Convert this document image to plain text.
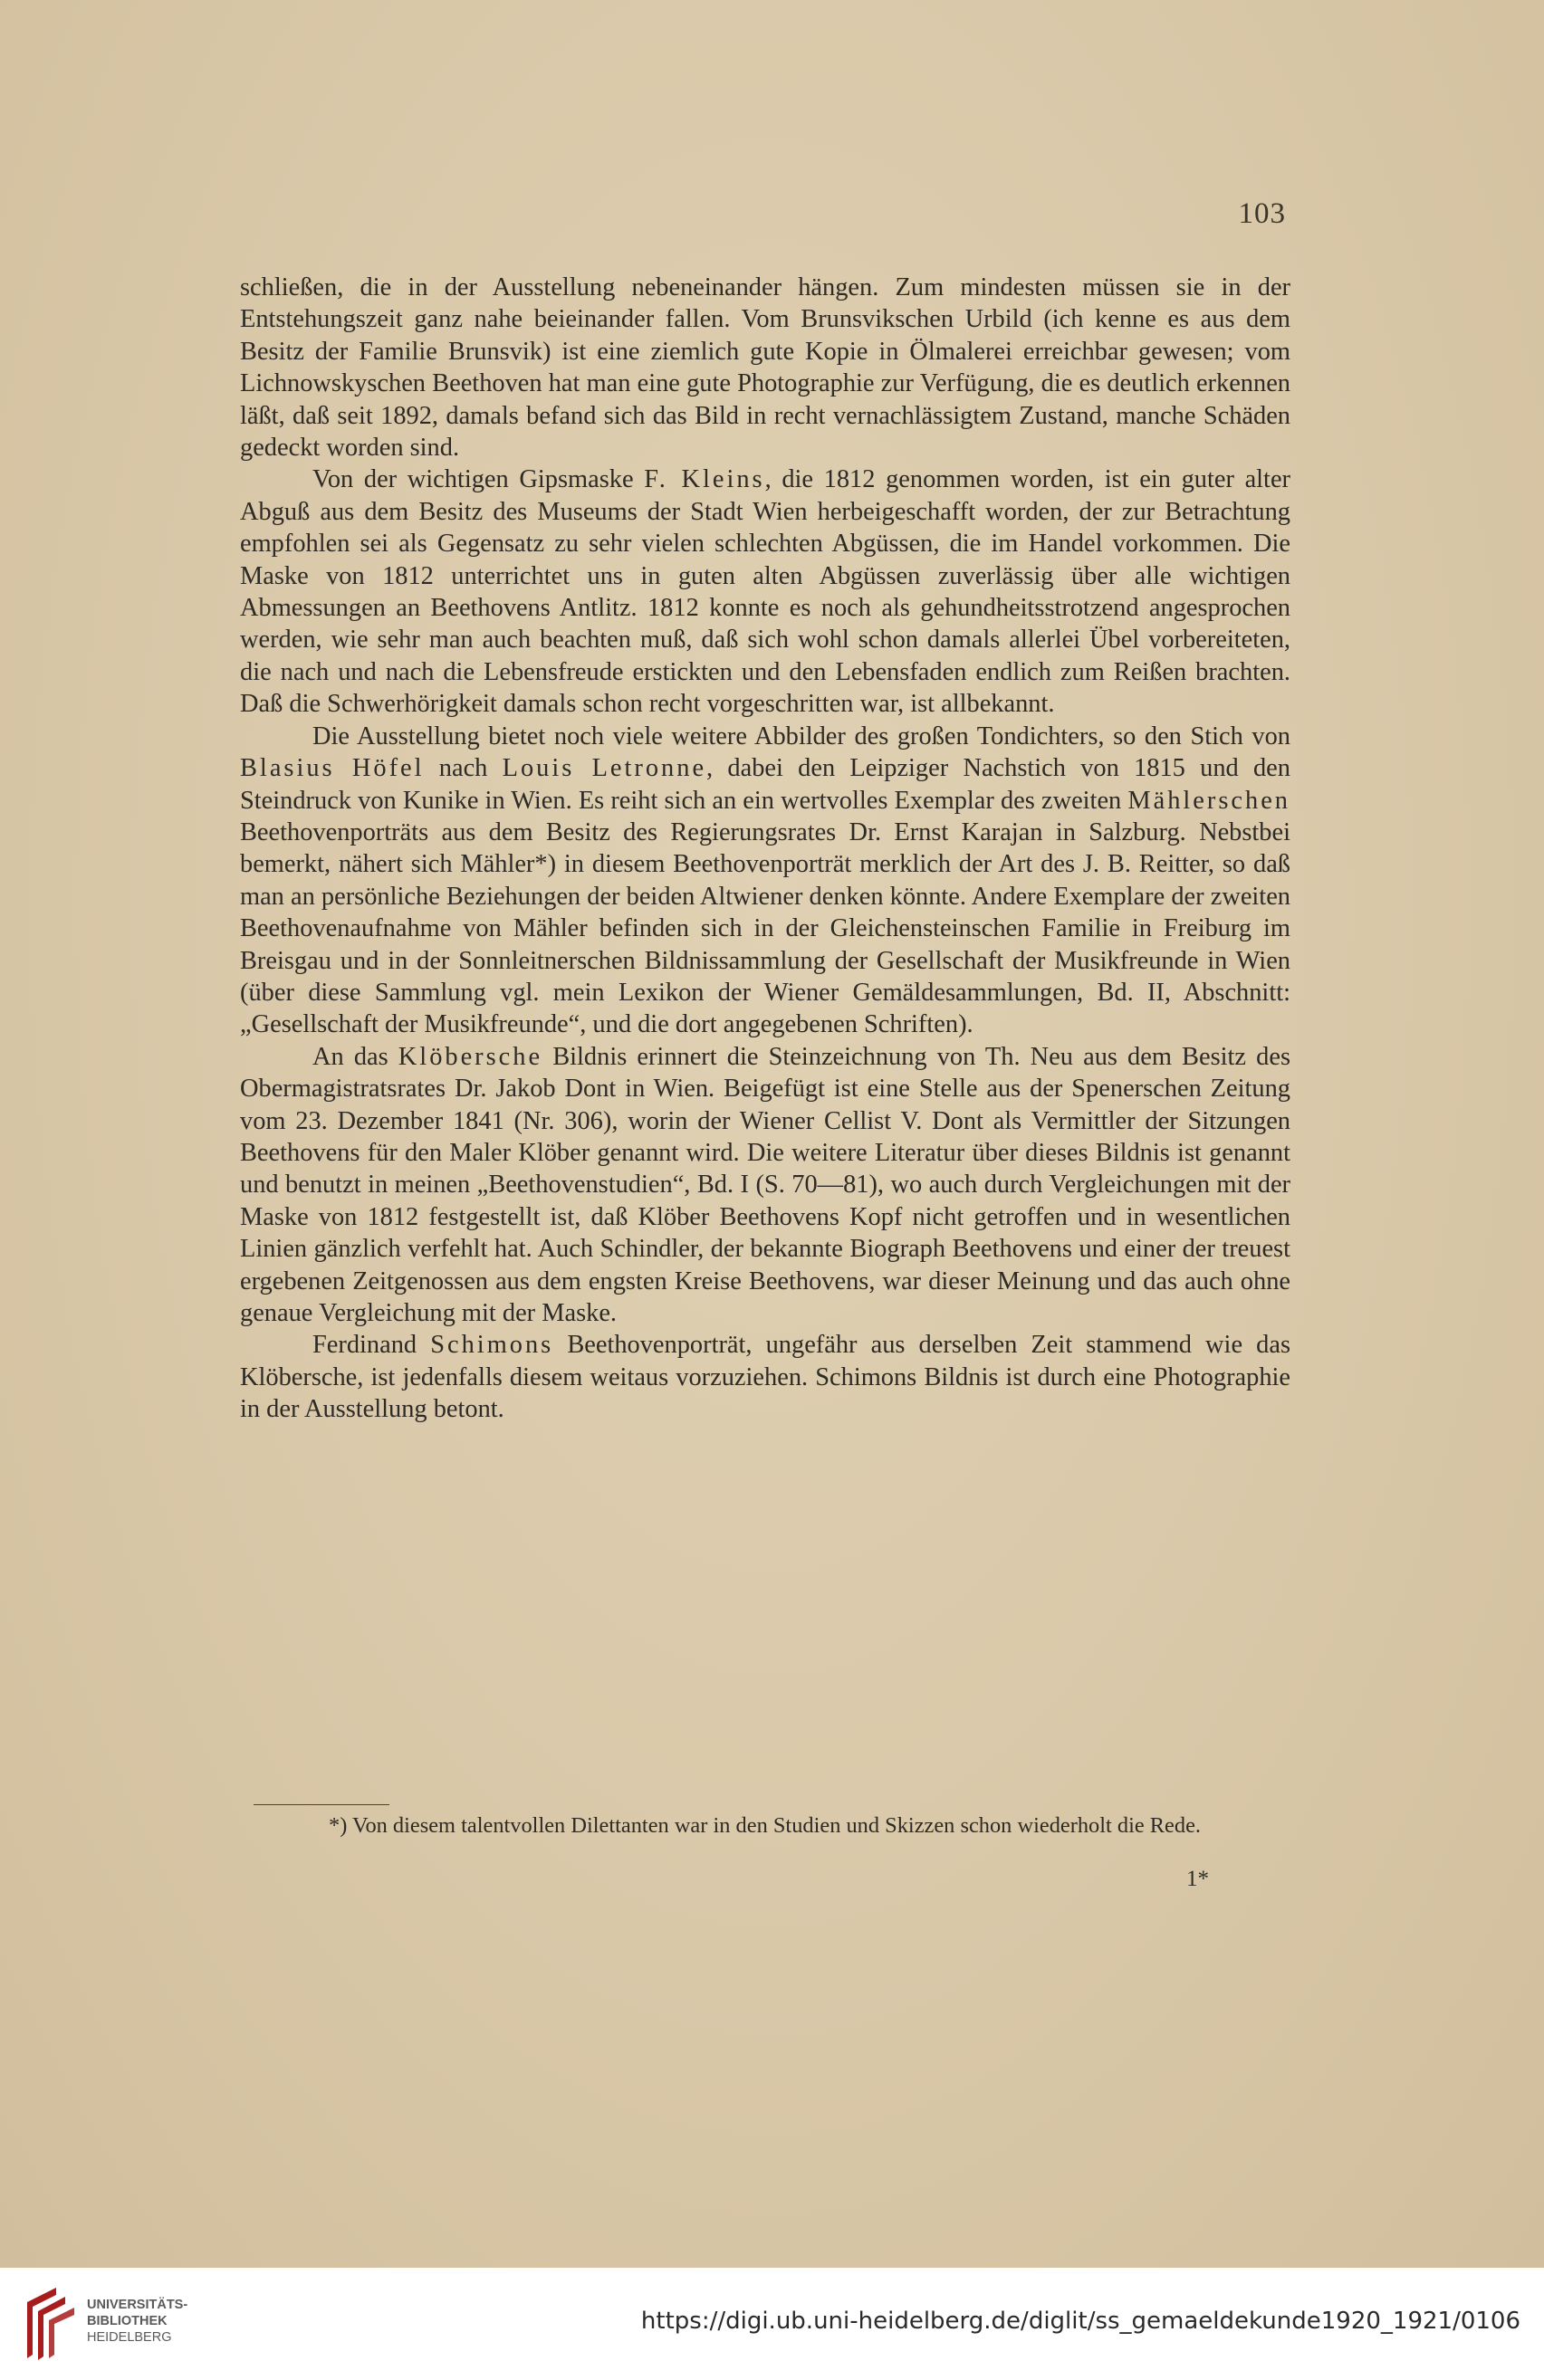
103

schließen, die in der Ausstellung nebeneinander hängen. Zum mindesten müssen sie in der Entstehungszeit ganz nahe beieinander fallen. Vom Brunsvikschen Urbild (ich kenne es aus dem Besitz der Familie Brunsvik) ist eine ziemlich gute Kopie in Ölmalerei erreichbar gewesen; vom Lichnowskyschen Beethoven hat man eine gute Photographie zur Verfügung, die es deutlich erkennen läßt, daß seit 1892, damals befand sich das Bild in recht vernachlässigtem Zustand, manche Schäden gedeckt worden sind.

Von der wichtigen Gipsmaske F. Kleins, die 1812 genommen worden, ist ein guter alter Abguß aus dem Besitz des Museums der Stadt Wien herbeigeschafft worden, der zur Betrachtung empfohlen sei als Gegensatz zu sehr vielen schlechten Abgüssen, die im Handel vorkommen. Die Maske von 1812 unterrichtet uns in guten alten Abgüssen zuverlässig über alle wichtigen Abmessungen an Beethovens Antlitz. 1812 konnte es noch als gehundheitsstrotzend angesprochen werden, wie sehr man auch beachten muß, daß sich wohl schon damals allerlei Übel vorbereiteten, die nach und nach die Lebensfreude erstickten und den Lebensfaden endlich zum Reißen brachten. Daß die Schwerhörigkeit damals schon recht vorgeschritten war, ist allbekannt.

Die Ausstellung bietet noch viele weitere Abbilder des großen Tondichters, so den Stich von Blasius Höfel nach Louis Letronne, dabei den Leipziger Nachstich von 1815 und den Steindruck von Kunike in Wien. Es reiht sich an ein wertvolles Exemplar des zweiten Mählerschen Beethovenporträts aus dem Besitz des Regierungsrates Dr. Ernst Karajan in Salzburg. Nebstbei bemerkt, nähert sich Mähler*) in diesem Beethovenporträt merklich der Art des J. B. Reitter, so daß man an persönliche Beziehungen der beiden Altwiener denken könnte. Andere Exemplare der zweiten Beethovenaufnahme von Mähler befinden sich in der Gleichensteinschen Familie in Freiburg im Breisgau und in der Sonnleitnerschen Bildnissammlung der Gesellschaft der Musikfreunde in Wien (über diese Sammlung vgl. mein Lexikon der Wiener Gemäldesammlungen, Bd. II, Abschnitt: „Gesellschaft der Musikfreunde“, und die dort angegebenen Schriften).

An das Klöbersche Bildnis erinnert die Steinzeichnung von Th. Neu aus dem Besitz des Obermagistratsrates Dr. Jakob Dont in Wien. Beigefügt ist eine Stelle aus der Spenerschen Zeitung vom 23. Dezember 1841 (Nr. 306), worin der Wiener Cellist V. Dont als Vermittler der Sitzungen Beethovens für den Maler Klöber genannt wird. Die weitere Literatur über dieses Bildnis ist genannt und benutzt in meinen „Beethovenstudien“, Bd. I (S. 70—81), wo auch durch Vergleichungen mit der Maske von 1812 festgestellt ist, daß Klöber Beethovens Kopf nicht getroffen und in wesentlichen Linien gänzlich verfehlt hat. Auch Schindler, der bekannte Biograph Beethovens und einer der treuest ergebenen Zeitgenossen aus dem engsten Kreise Beethovens, war dieser Meinung und das auch ohne genaue Vergleichung mit der Maske.

Ferdinand Schimons Beethovenporträt, ungefähr aus derselben Zeit stammend wie das Klöbersche, ist jedenfalls diesem weitaus vorzuziehen. Schimons Bildnis ist durch eine Photographie in der Ausstellung betont.

*) Von diesem talentvollen Dilettanten war in den Studien und Skizzen schon wiederholt die Rede.

1*
UNIVERSITÄTS-
BIBLIOTHEK
HEIDELBERG
https://digi.ub.uni-heidelberg.de/diglit/ss_gemaeldekunde1920_1921/0106
